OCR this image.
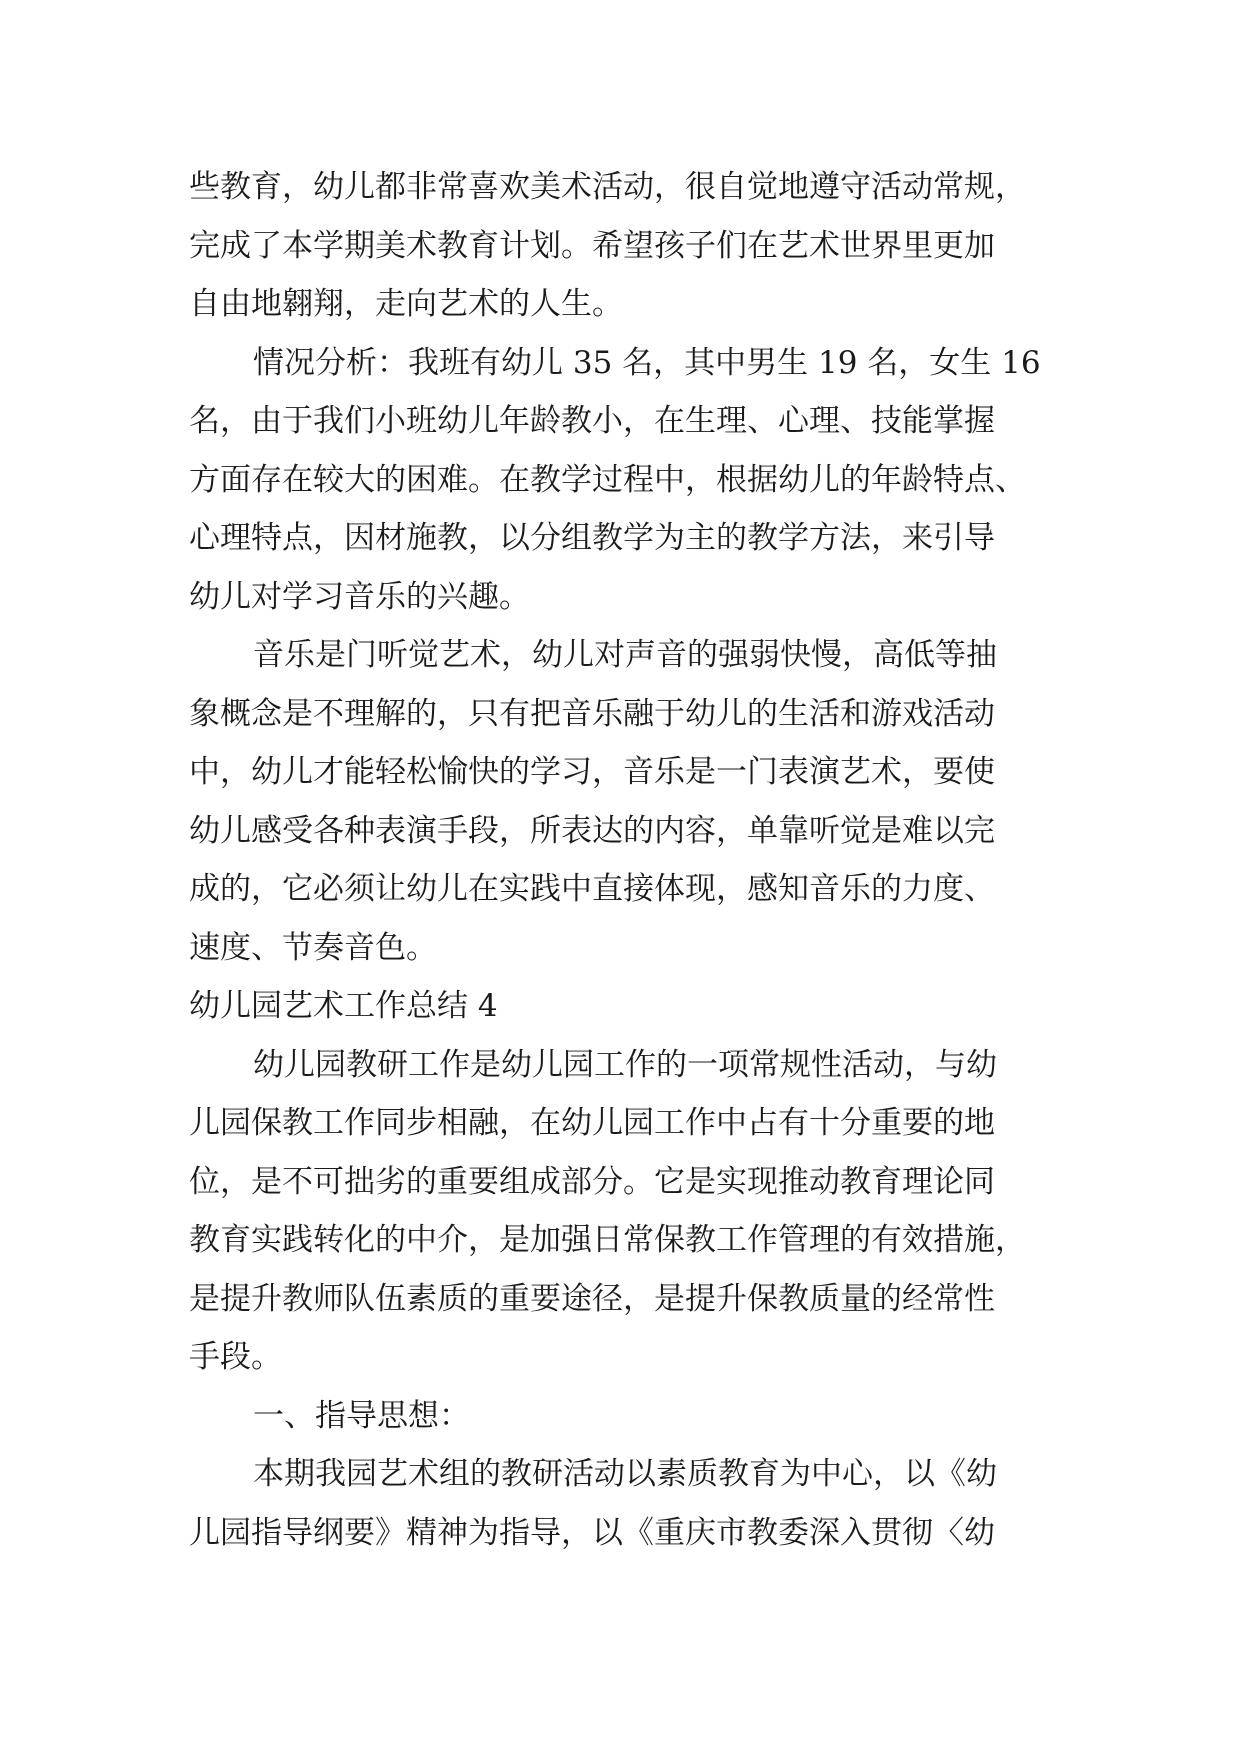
些教育，幼儿都非常喜欢美术活动，很自觉地遵守活动常规，
完成了本学期美术教育计划。希望孩子们在艺术世界里更加
自由地翱翔，走向艺术的人生。
情况分析：我班有幼儿 35 名，其中男生 19 名，女生 16
名，由于我们小班幼儿年龄教小，在生理、心理、技能掌握
方面存在较大的困难。在教学过程中，根据幼儿的年龄特点、
心理特点，因材施教，以分组教学为主的教学方法，来引导
幼儿对学习音乐的兴趣。
音乐是门听觉艺术，幼儿对声音的强弱快慢，高低等抽
象概念是不理解的，只有把音乐融于幼儿的生活和游戏活动
中，幼儿才能轻松愉快的学习，音乐是一门表演艺术，要使
幼儿感受各种表演手段，所表达的内容，单靠听觉是难以完
成的，它必须让幼儿在实践中直接体现，感知音乐的力度、
速度、节奏音色。
幼儿园艺术工作总结 4
幼儿园教研工作是幼儿园工作的一项常规性活动，与幼
儿园保教工作同步相融，在幼儿园工作中占有十分重要的地
位，是不可拙劣的重要组成部分。它是实现推动教育理论同
教育实践转化的中介，是加强日常保教工作管理的有效措施，
是提升教师队伍素质的重要途径，是提升保教质量的经常性
手段。
一、指导思想：
本期我园艺术组的教研活动以素质教育为中心，以《幼
儿园指导纲要》精神为指导，以《重庆市教委深入贯彻〈幼
